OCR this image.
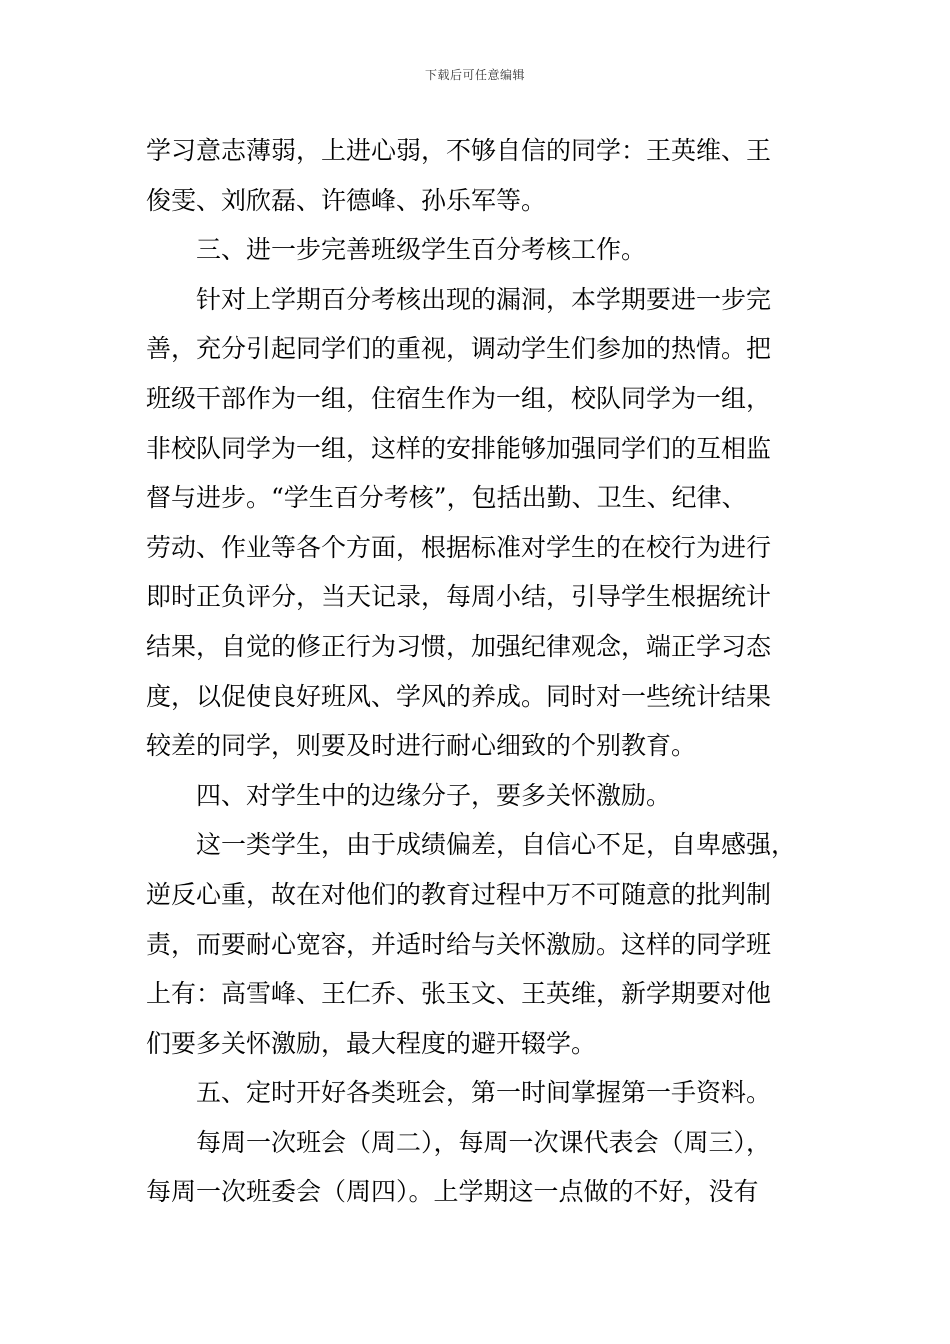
下载后可任意编辑
学习意志薄弱，上进心弱，不够自信的同学：王英维、王
俊雯、刘欣磊、许德峰、孙乐军等。
三、进一步完善班级学生百分考核工作。
针对上学期百分考核出现的漏洞，本学期要进一步完
善，充分引起同学们的重视，调动学生们参加的热情。把
班级干部作为一组，住宿生作为一组，校队同学为一组，
非校队同学为一组，这样的安排能够加强同学们的互相监
督与进步。“学生百分考核”，包括出勤、卫生、纪律、
劳动、作业等各个方面，根据标准对学生的在校行为进行
即时正负评分，当天记录，每周小结，引导学生根据统计
结果，自觉的修正行为习惯，加强纪律观念，端正学习态
度，以促使良好班风、学风的养成。同时对一些统计结果
较差的同学，则要及时进行耐心细致的个别教育。
四、对学生中的边缘分子，要多关怀激励。
这一类学生，由于成绩偏差，自信心不足，自卑感强，
逆反心重，故在对他们的教育过程中万不可随意的批判制
责，而要耐心宽容，并适时给与关怀激励。这样的同学班
上有：高雪峰、王仁乔、张玉文、王英维，新学期要对他
们要多关怀激励，最大程度的避开辍学。
五、定时开好各类班会，第一时间掌握第一手资料。
每周一次班会（周二），每周一次课代表会（周三），
每周一次班委会（周四）。上学期这一点做的不好，没有
